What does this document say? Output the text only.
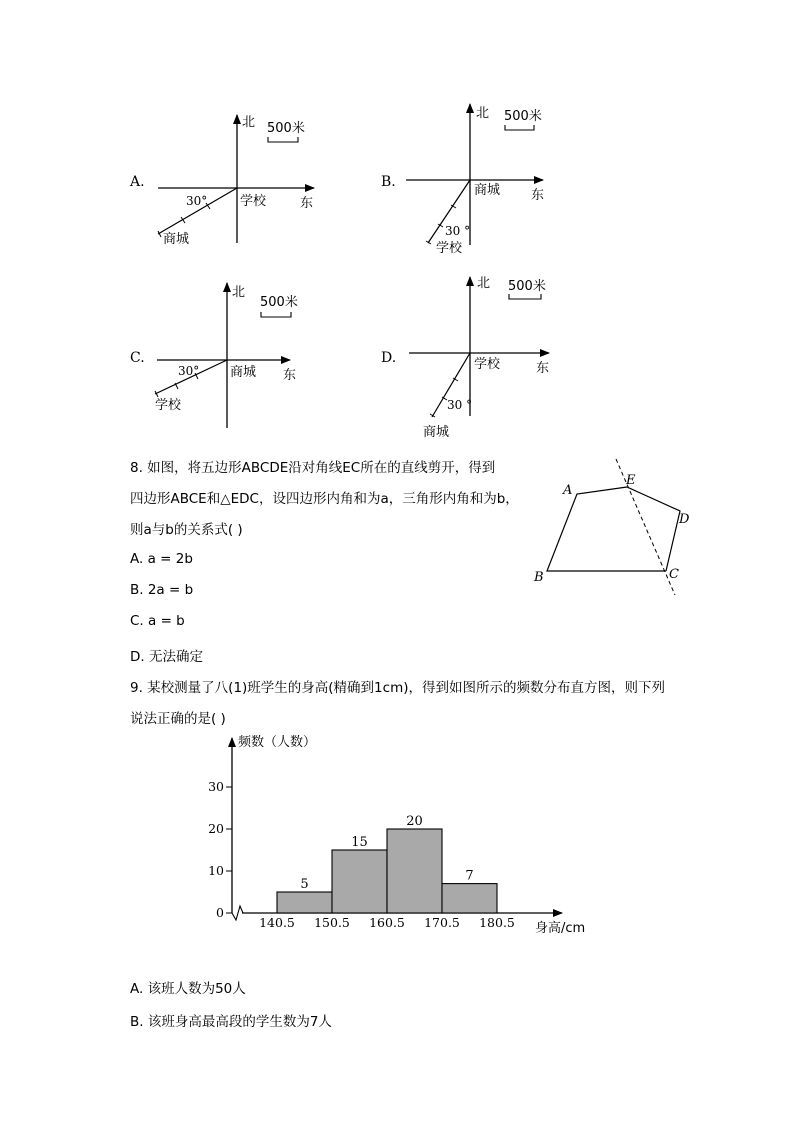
A.
北
东
500米
30°	学校
商城
B.
北
东
500米
30 °
商城
学校
C.
北
东
500米
30° 商城
学校
D.
北
东
500米
30 °
学校
商城
A
B	C
D
E
频数（人数）
身高/cm
0
10
20
30
5
15
20
7
140.5 150.5 160.5 170.5 180.5
8. 如图，将五边形ABCDE沿对角线EC所在的直线剪开，得到
四边形ABCE和△EDC，设四边形内角和为a，三角形内角和为b，
则a与b的关系式( )
A. a = 2b
B. 2a = b
C. a = b
D. 无法确定
9. 某校测量了八(1)班学生的身高(精确到1cm)，得到如图所示的频数分布直方图，则下列
说法正确的是( )
A. 该班人数为50人
B. 该班身高最高段的学生数为7人
